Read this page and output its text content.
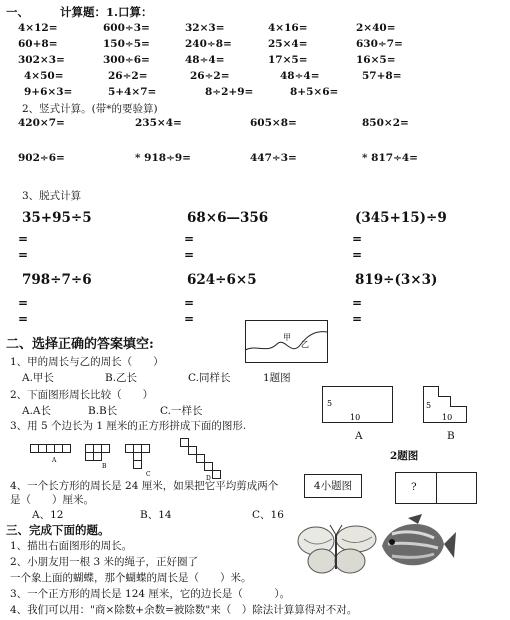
一、	计算题：1.口算：
4×12=	600÷3=	32×3=	4×16=	2×40=
60+8=	150÷5=	240÷8=	25×4=	630÷7=
302×3=	300÷6=	48÷4=	17×5=	16×5=
4×50=	26÷2=	26÷2=	48÷4=	57+8=
9+6×3=	5+4×7=	8÷2+9=	8+5×6=
2、竖式计算。(带*的要验算)
420×7=	235×4=	605×8=	850×2=
902÷6=	* 918÷9=	447÷3=	* 817÷4=
3、脱式计算
35+95÷5	68×6—356	(345+15)÷9
=	=	=
=	=	=
798÷7÷6	624÷6×5	819÷(3×3)
=	=	=
=	=	=
二、选择正确的答案填空:
1、甲的周长与乙的周长（　　）
A.甲长	B.乙长	C.同样长	1题图
甲
乙
2、下面图形周长比较（　　）
A.A长	B.B长	C.一样长
10
5
10
5
A	B
2题图
3、用 5 个边长为 1 厘米的正方形拼成下面的图形.
A
B
C
D
4、一个长方形的周长是 24 厘米，如果把它平均剪成两个
是（　　）厘米。
A、12	B、14	C、16
4小题图	?
三、完成下面的题。
1、描出右面图形的周长。
2、小朋友用一根 3 米的绳子，正好圈了
一个象上面的蝴蝶，那个蝴蝶的周长是（　　）米。
3、一个正方形的周长是 124 厘米，它的边长是（　　　）。
4、我们可以用："商×除数+余数=被除数"来（　）除法计算算得对不对。
